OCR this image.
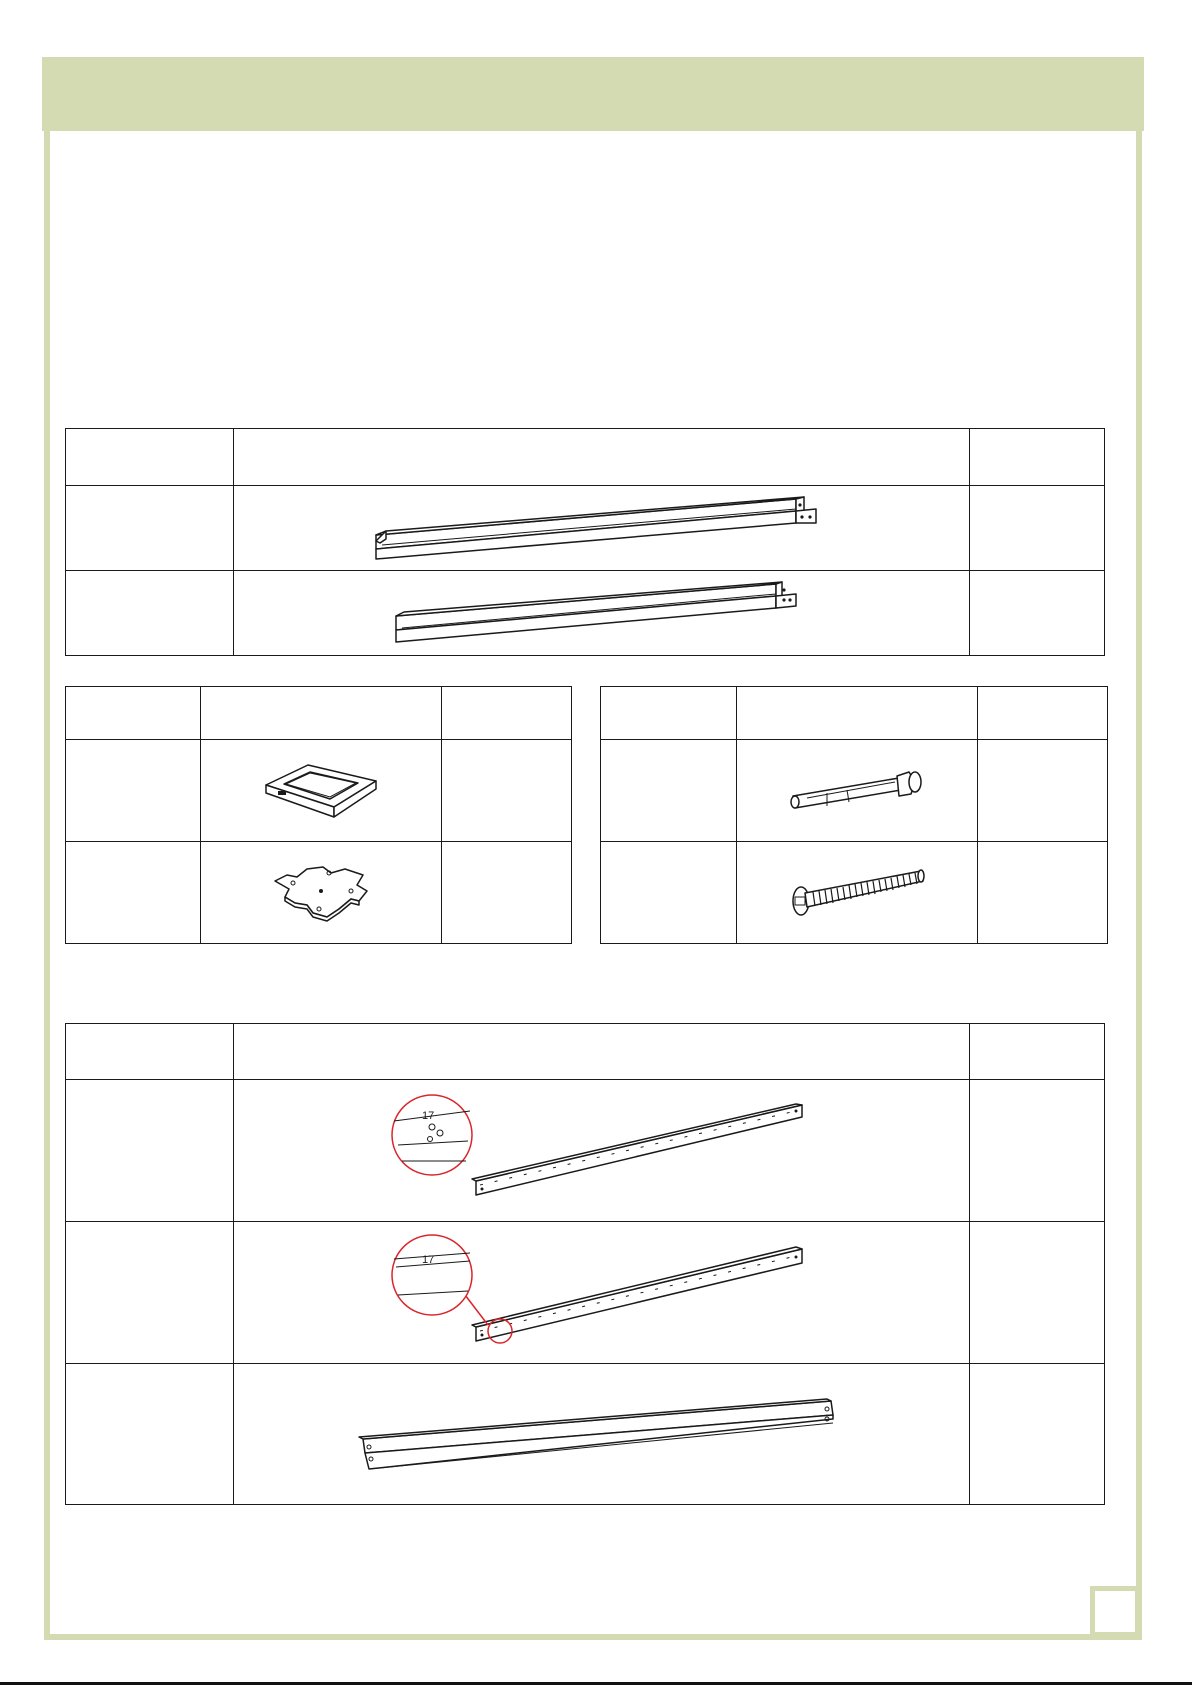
17	

17	
